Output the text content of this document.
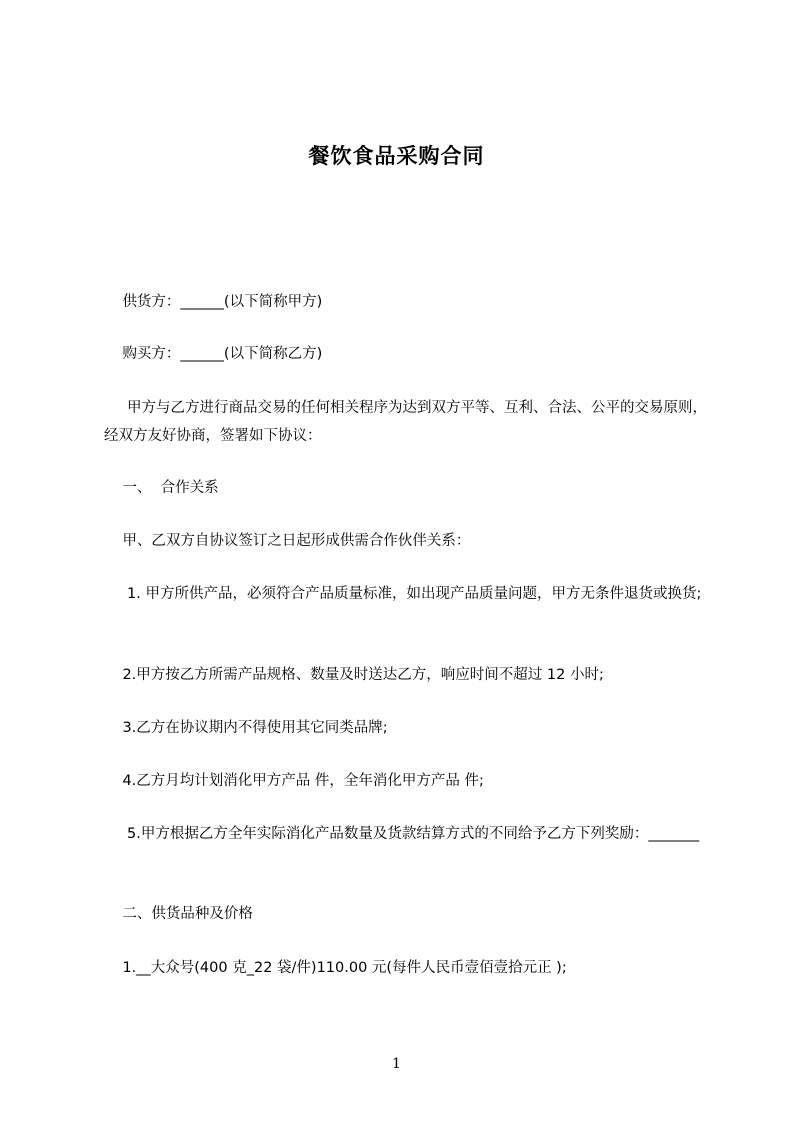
餐饮食品采购合同
供货方：______(以下简称甲方)
购买方：______(以下简称乙方)
甲方与乙方进行商品交易的任何相关程序为达到双方平等、互利、合法、公平的交易原则，经双方友好协商，签署如下协议：
一、  合作关系
甲、乙双方自协议签订之日起形成供需合作伙伴关系：
1. 甲方所供产品，必须符合产品质量标准，如出现产品质量问题，甲方无条件退货或换货;
2.甲方按乙方所需产品规格、数量及时送达乙方，响应时间不超过 12 小时;
3.乙方在协议期内不得使用其它同类品牌;
4.乙方月均计划消化甲方产品 件，全年消化甲方产品 件;
5.甲方根据乙方全年实际消化产品数量及货款结算方式的不同给予乙方下列奖励：_______
二、供货品种及价格
1.__大众号(400 克_22 袋/件)110.00 元(每件人民币壹佰壹拾元正 );
1
